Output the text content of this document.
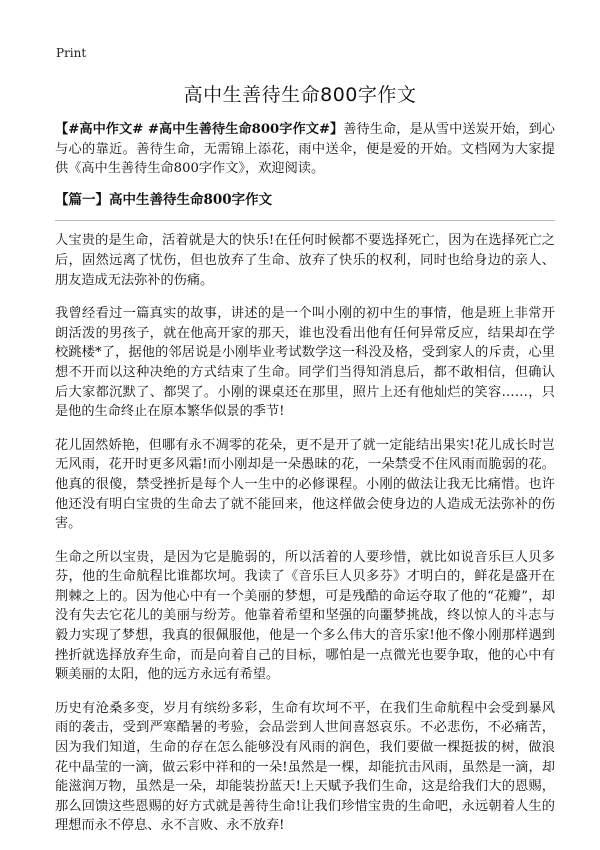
Print
高中生善待生命800字作文

【#高中作文# #高中生善待生命800字作文#】善待生命，是从雪中送炭开始，到心与心的靠近。善待生命，无需锦上添花，雨中送伞，便是爱的开始。文档网为大家提供《高中生善待生命800字作文》，欢迎阅读。

【篇一】高中生善待生命800字作文

人宝贵的是生命，活着就是大的快乐!在任何时候都不要选择死亡，因为在选择死亡之后，固然远离了忧伤，但也放弃了生命、放弃了快乐的权利，同时也给身边的亲人、朋友造成无法弥补的伤痛。

我曾经看过一篇真实的故事，讲述的是一个叫小刚的初中生的事情，他是班上非常开朗活泼的男孩子，就在他高开家的那天，谁也没看出他有任何异常反应，结果却在学校跳楼*了，据他的邻居说是小刚毕业考试数学这一科没及格，受到家人的斥责，心里想不开而以这种决绝的方式结束了生命。同学们当得知消息后，都不敢相信，但确认后大家都沉默了、都哭了。小刚的课桌还在那里，照片上还有他灿烂的笑容……，只是他的生命终止在原本繁华似景的季节!

花儿固然娇艳，但哪有永不凋零的花朵，更不是开了就一定能结出果实!花儿成长时岂无风雨，花开时更多风霜!而小刚却是一朵愚昧的花，一朵禁受不住风雨而脆弱的花。他真的很傻，禁受挫折是每个人一生中的必修课程。小刚的做法让我无比痛惜。也许他还没有明白宝贵的生命去了就不能回来，他这样做会使身边的人造成无法弥补的伤害。

生命之所以宝贵，是因为它是脆弱的，所以活着的人要珍惜，就比如说音乐巨人贝多芬，他的生命航程比谁都坎坷。我读了《音乐巨人贝多芬》才明白的，鲜花是盛开在荆棘之上的。因为他心中有一个美丽的梦想，可是残酷的命运夺取了他的“花瓣”，却没有失去它花儿的美丽与纷芳。他靠着希望和坚强的向噩梦挑战，终以惊人的斗志与毅力实现了梦想，我真的很佩服他，他是一个多么伟大的音乐家!他不像小刚那样遇到挫折就选择放弃生命，而是向着自己的目标，哪怕是一点微光也要争取，他的心中有颗美丽的太阳，他的远方永远有希望。

历史有沧桑多变，岁月有缤纷多彩，生命有坎坷不平，在我们生命航程中会受到暴风雨的袭击，受到严寒酷暑的考验，会品尝到人世间喜怒哀乐。不必悲伤，不必痛苦，因为我们知道，生命的存在怎么能够没有风雨的润色，我们要做一棵挺拔的树，做浪花中晶莹的一滴，做云彩中祥和的一朵!虽然是一棵，却能抗击风雨，虽然是一滴，却能滋润万物，虽然是一朵，却能装扮蓝天!上天赋予我们生命，这是给我们大的恩赐，那么回馈这些恩赐的好方式就是善待生命!让我们珍惜宝贵的生命吧，永远朝着人生的理想而永不停息、永不言败、永不放弃!
